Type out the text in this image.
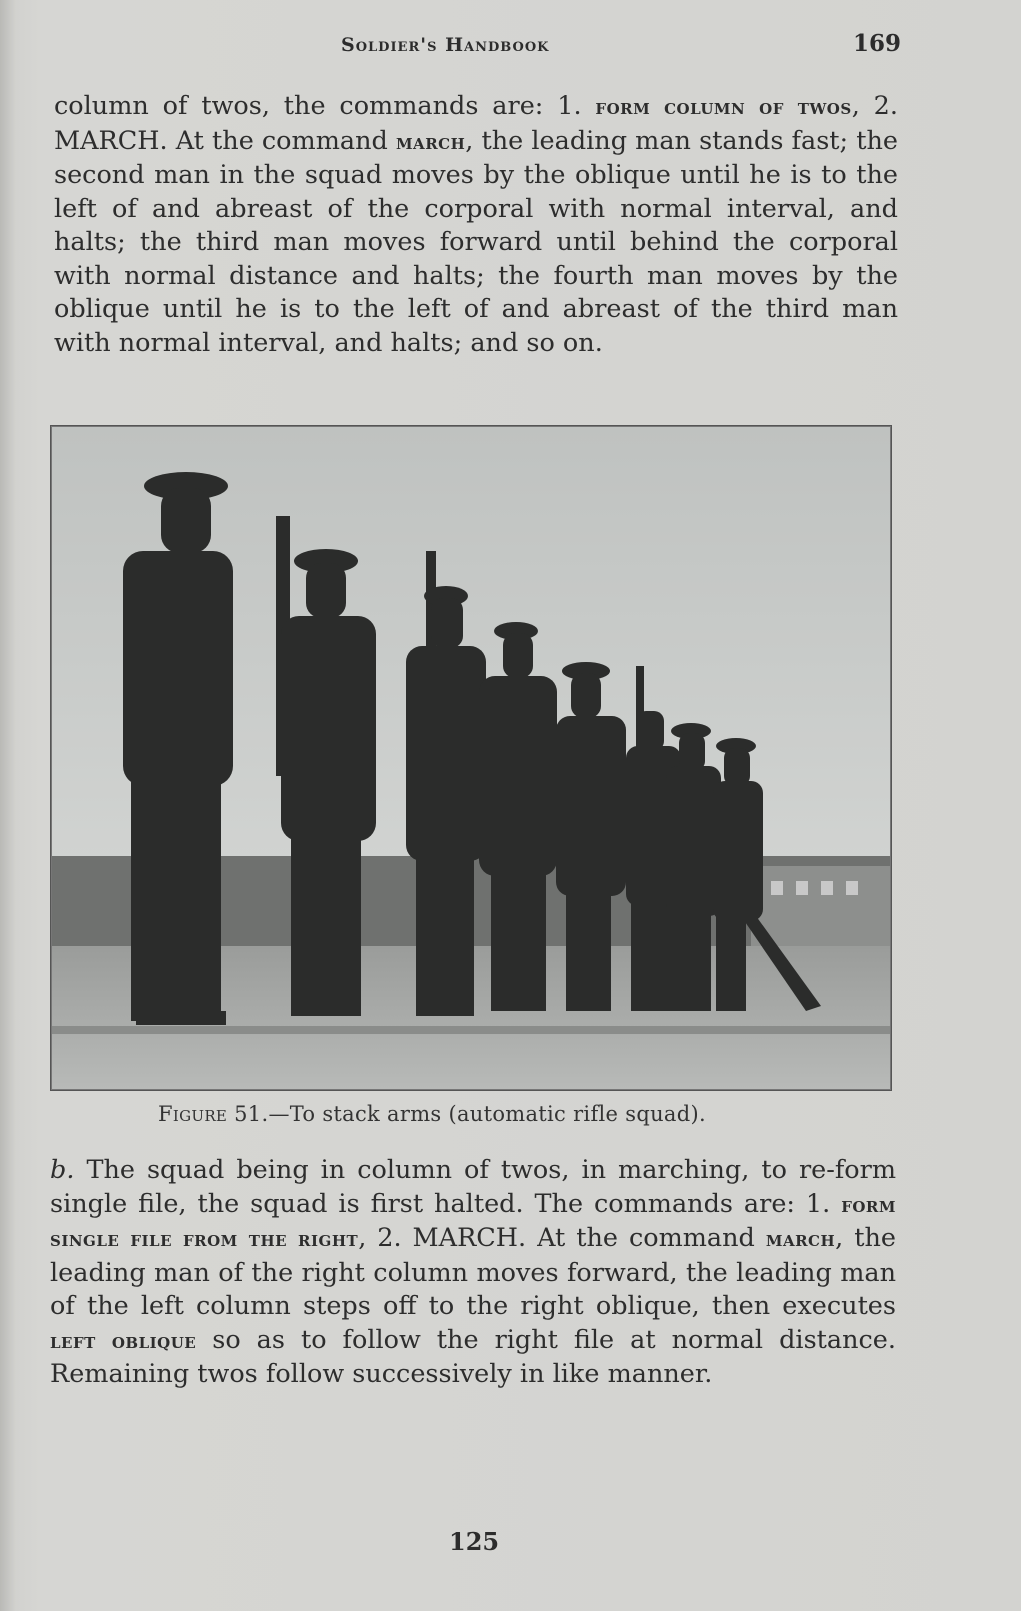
Soldier's Handbook	169

column of twos, the commands are: 1. form column of twos, 2. MARCH. At the command march, the leading man stands fast; the second man in the squad moves by the oblique until he is to the left of and abreast of the corporal with normal interval, and halts; the third man moves forward until behind the corporal with normal distance and halts; the fourth man moves by the oblique until he is to the left of and abreast of the third man with normal interval, and halts; and so on.

Figure 51.—To stack arms (automatic rifle squad).

b. The squad being in column of twos, in marching, to re-form single file, the squad is first halted. The commands are: 1. form single file from the right, 2. MARCH. At the command march, the leading man of the right column moves forward, the leading man of the left column steps off to the right oblique, then executes left oblique so as to follow the right file at normal distance. Remaining twos follow successively in like manner.

125
